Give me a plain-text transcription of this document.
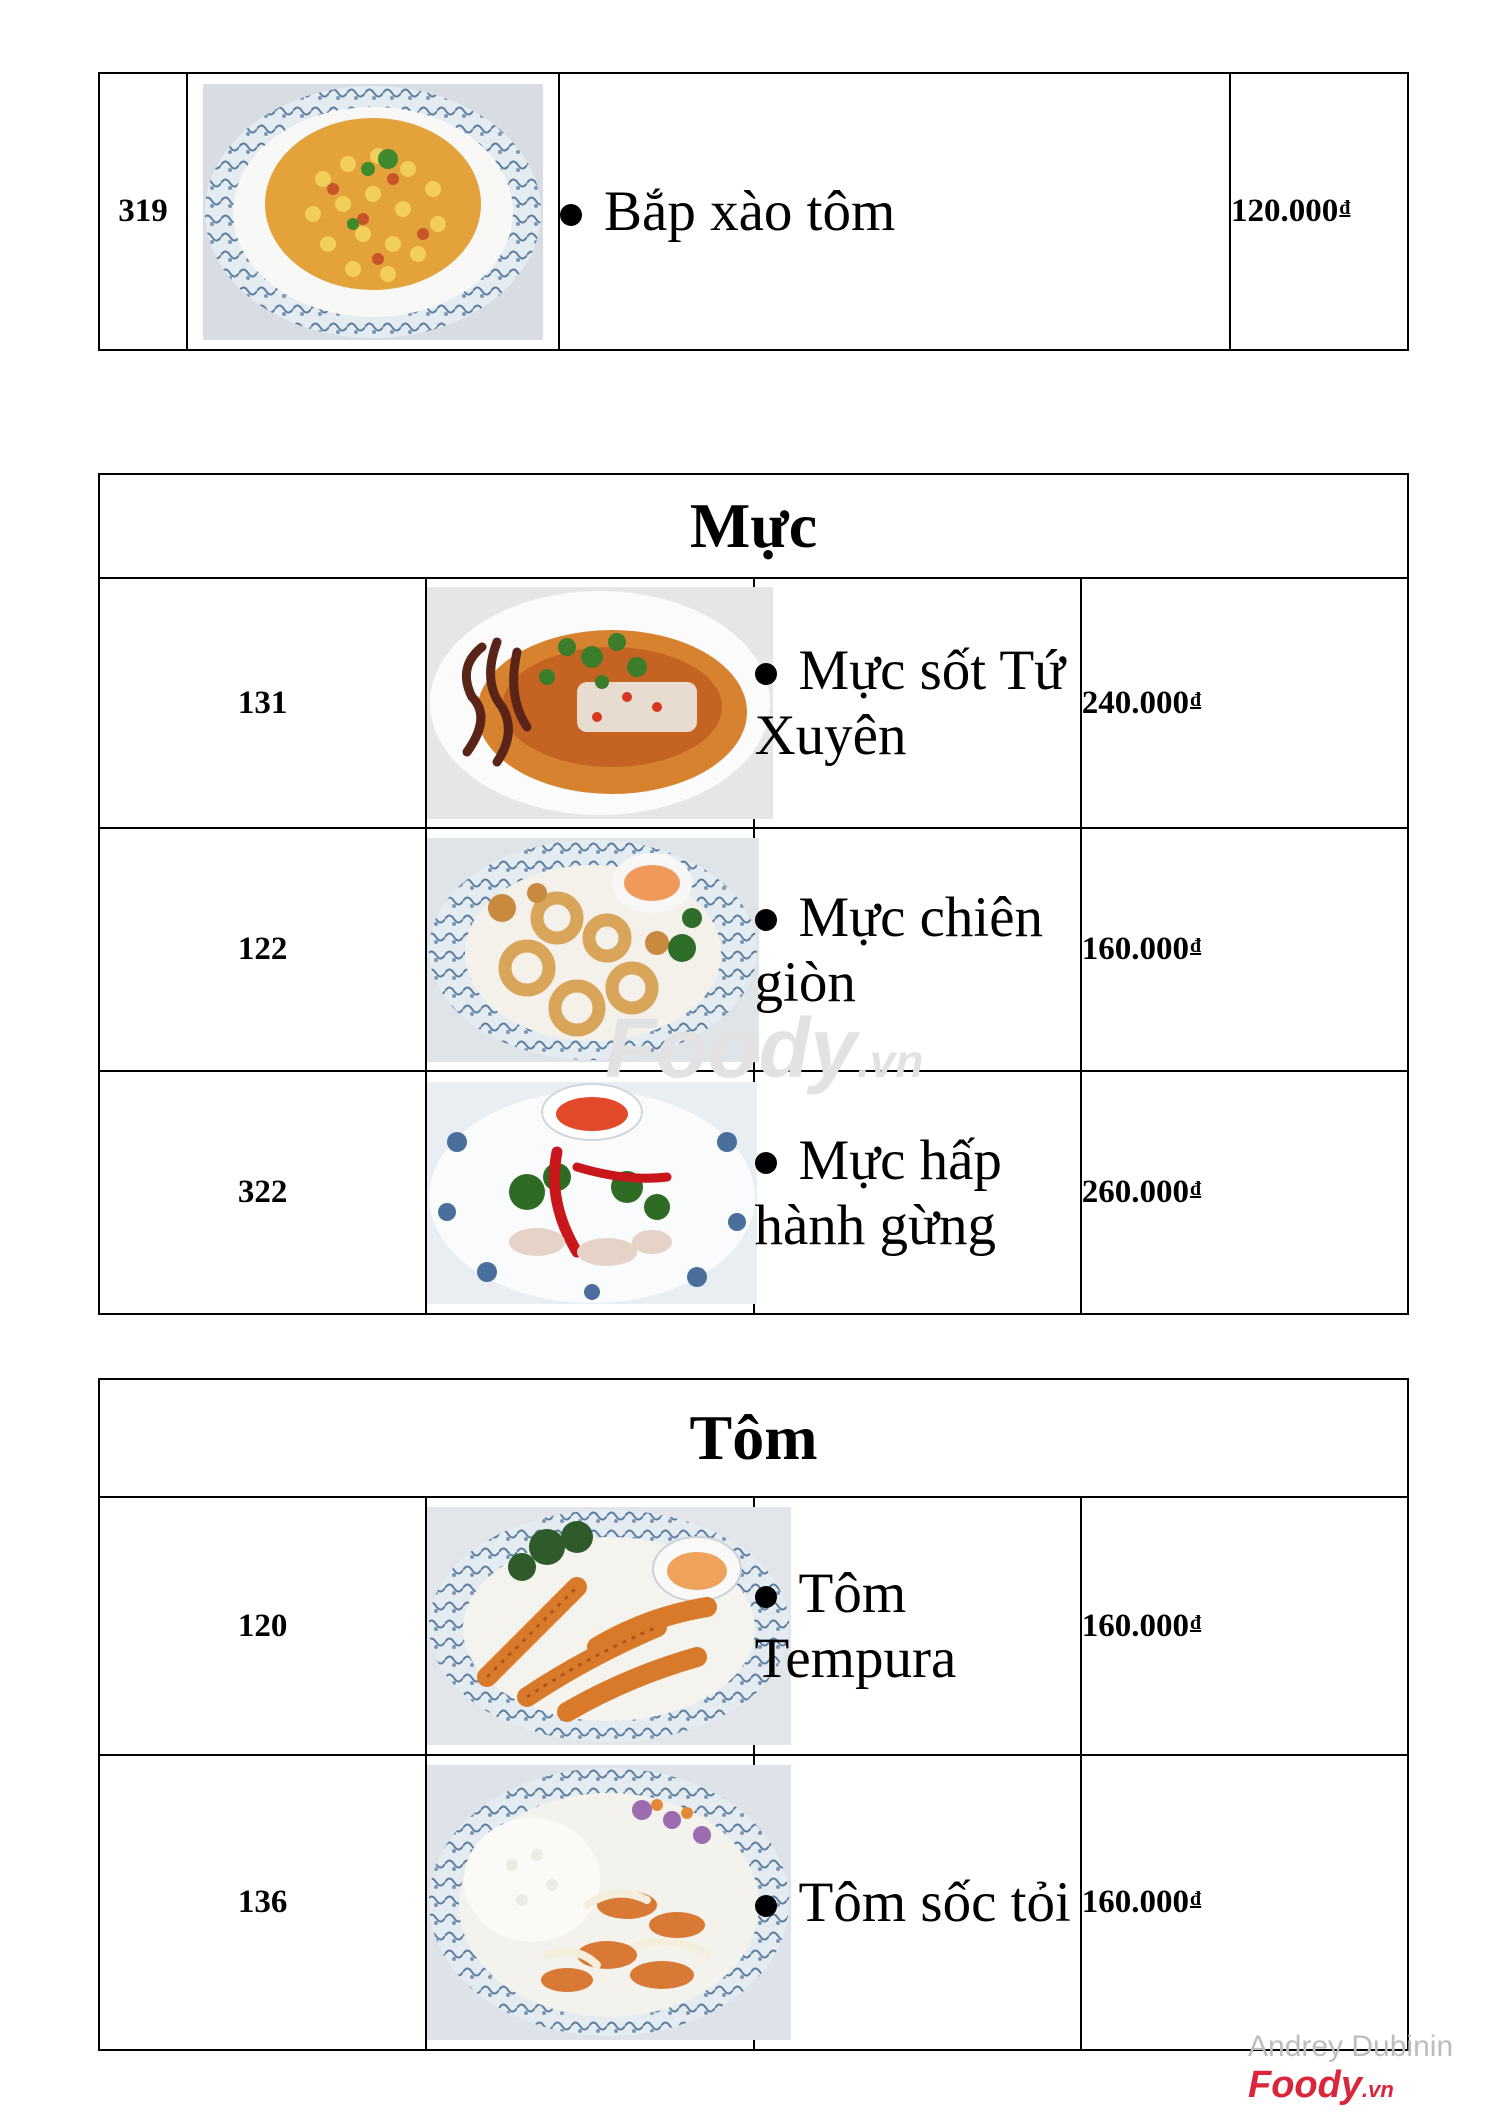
319		Bắp xào tôm	$120.000^đ$
Mực			
131		Mực sốt Tứ Xuyên	$240.000^đ$
122		Mực chiên giòn	$160.000^đ$
322		Mực hấp hành gừng	$260.000^đ$
Tôm			
120		Tôm Tempura	$160.000^đ$
136		Tôm sốc tỏi	$160.000^đ$
Foody.vn
Andrey Dubinin
Foody.vn
